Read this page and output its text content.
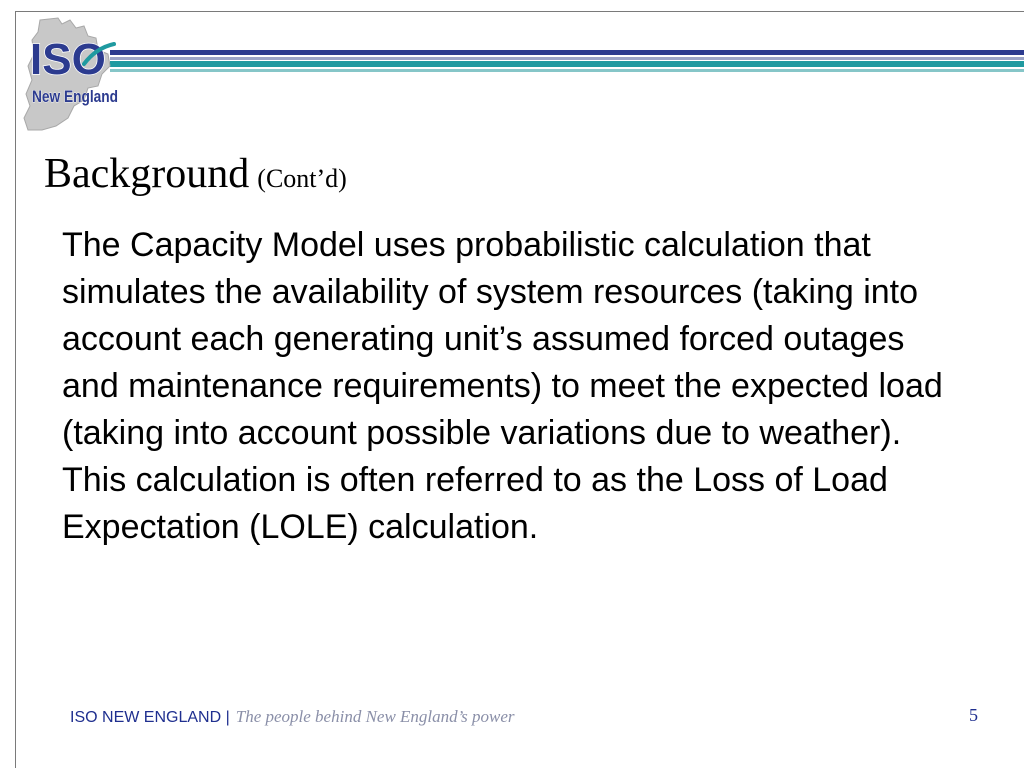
ISO
New England
Background (Cont’d)
The Capacity Model uses probabilistic calculation that simulates the availability of system resources (taking into account each generating unit’s assumed forced outages and maintenance requirements) to meet the expected load (taking into account possible variations due to weather). This calculation is often referred to as the Loss of Load Expectation (LOLE) calculation.
ISO NEW ENGLAND | The people behind New England’s power	5
